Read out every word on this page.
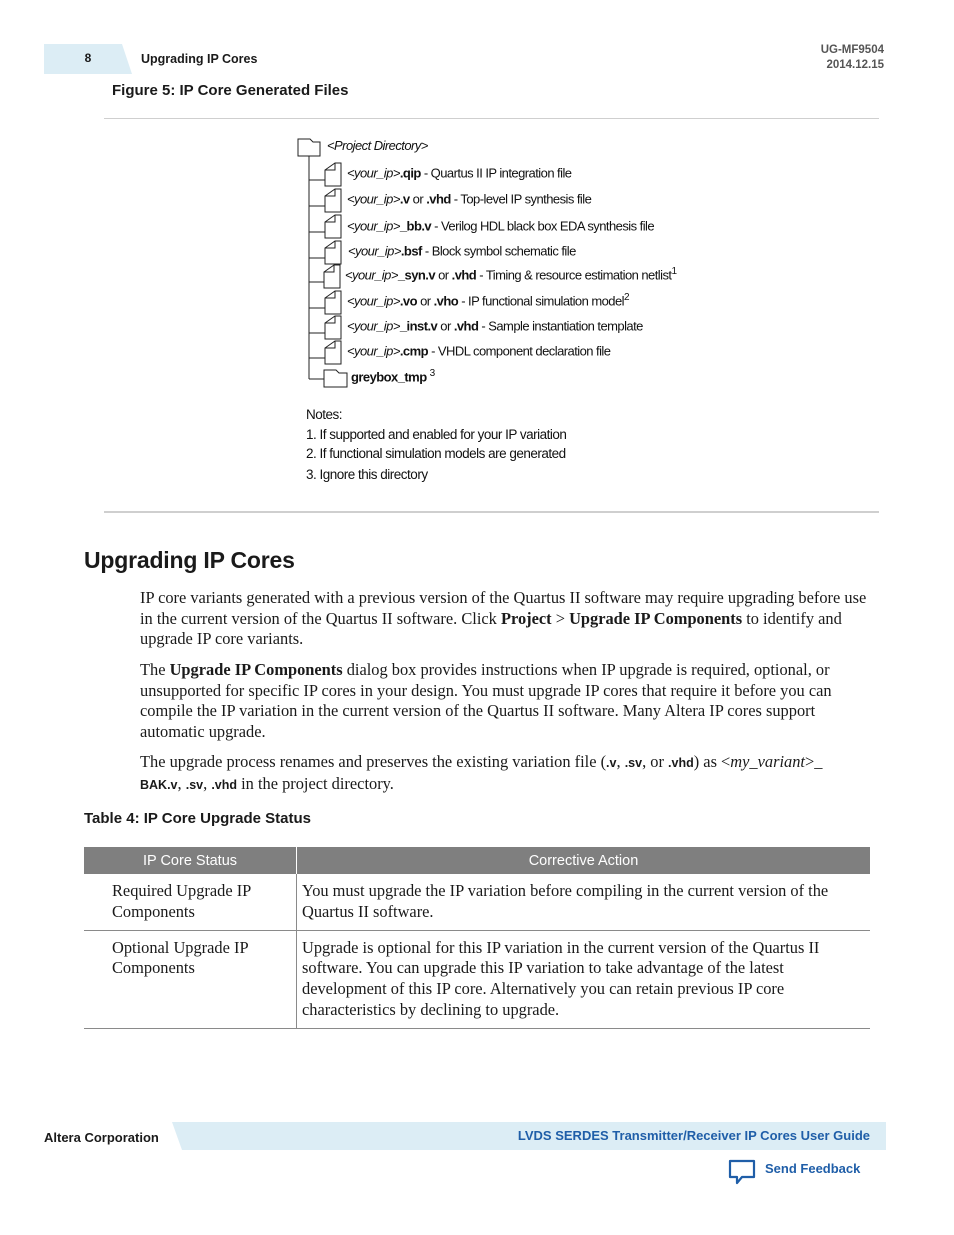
8	Upgrading IP Cores
UG-MF9504
2014.12.15
Figure 5: IP Core Generated Files
<Project Directory>
<your_ip>.qip - Quartus II IP integration file
<your_ip>.v or .vhd - Top-level IP synthesis file
<your_ip>_bb.v - Verilog HDL black box EDA synthesis file
<your_ip>.bsf - Block symbol schematic file
<your_ip>_syn.v or .vhd - Timing & resource estimation netlist$^1$
<your_ip>.vo or .vho - IP functional simulation model$^2$
<your_ip>_inst.v or .vhd - Sample instantiation template
<your_ip>.cmp - VHDL component declaration file
greybox_tmp $^3$
Notes:
1. If supported and enabled for your IP variation
2. If functional simulation models are generated
3. Ignore this directory
Upgrading IP Cores
IP core variants generated with a previous version of the Quartus II software may require upgrading before use in the current version of the Quartus II software. Click Project > Upgrade IP Components to identify and upgrade IP core variants.
The Upgrade IP Components dialog box provides instructions when IP upgrade is required, optional, or unsupported for specific IP cores in your design. You must upgrade IP cores that require it before you can compile the IP variation in the current version of the Quartus II software. Many Altera IP cores support automatic upgrade.
The upgrade process renames and preserves the existing variation file (.v, .sv, or .vhd) as <my_variant>_
BAK.v, .sv, .vhd in the project directory.
Table 4: IP Core Upgrade Status
IP Core Status	Corrective Action
Required Upgrade IP Components	You must upgrade the IP variation before compiling in the current version of the Quartus II software.
Optional Upgrade IP Components	Upgrade is optional for this IP variation in the current version of the Quartus II software. You can upgrade this IP variation to take advantage of the latest development of this IP core. Alternatively you can retain previous IP core characteristics by declining to upgrade.
Altera Corporation	LVDS SERDES Transmitter/Receiver IP Cores User Guide
Send Feedback
